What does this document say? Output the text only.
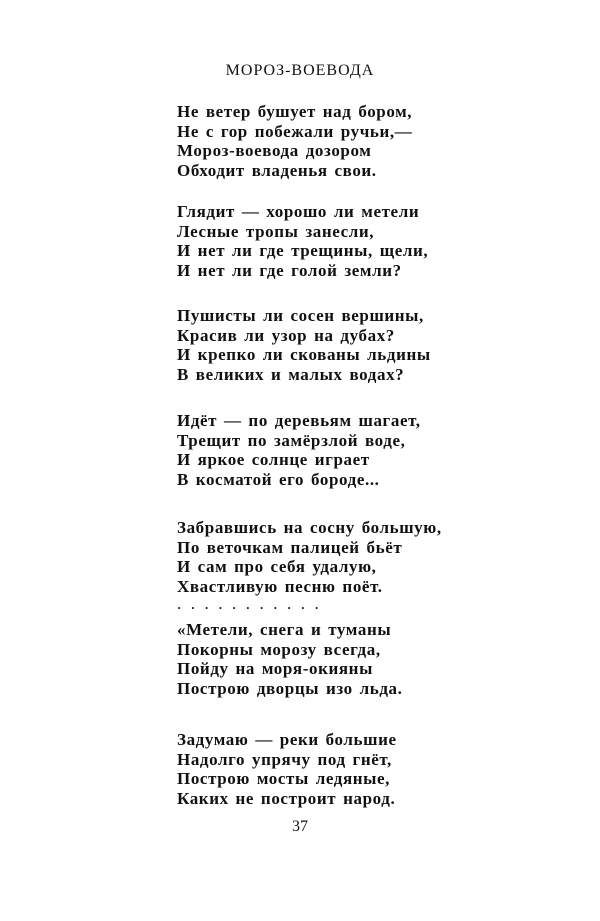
МОРОЗ-ВОЕВОДА
Не ветер бушует над бором,
Не с гор побежали ручьи,—
Мороз-воевода дозором
Обходит владенья свои.
Глядит — хорошо ли метели
Лесные тропы занесли,
И нет ли где трещины, щели,
И нет ли где голой земли?
Пушисты ли сосен вершины,
Красив ли узор на дубах?
И крепко ли скованы льдины
В великих и малых водах?
Идёт — по деревьям шагает,
Трещит по замёрзлой воде,
И яркое солнце играет
В косматой его бороде...
Забравшись на сосну большую,
По веточкам палицей бьёт
И сам про себя удалую,
Хвастливую песню поёт.
...........
«Метели, снега и туманы
Покорны морозу всегда,
Пойду на моря-окияны
Построю дворцы изо льда.
Задумаю — реки большие
Надолго упрячу под гнёт,
Построю мосты ледяные,
Каких не построит народ.
37
